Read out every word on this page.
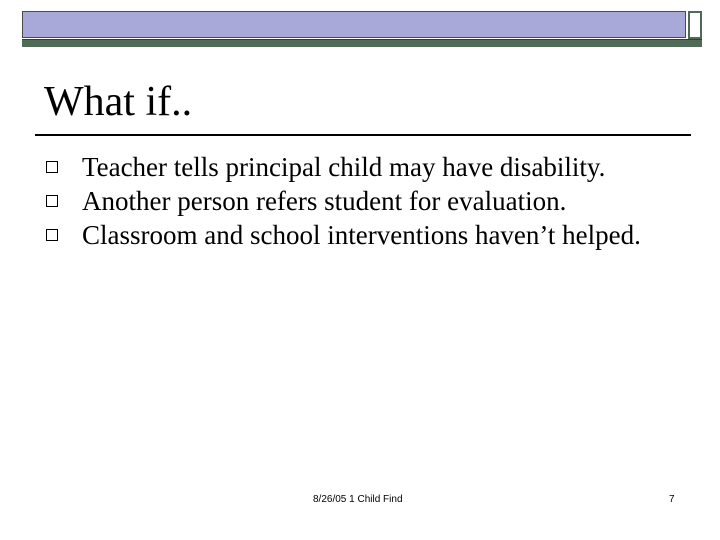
What if..
Teacher tells principal child may have disability.
Another person refers student for evaluation.
Classroom and school interventions haven’t helped.
8/26/05 1 Child Find	7
